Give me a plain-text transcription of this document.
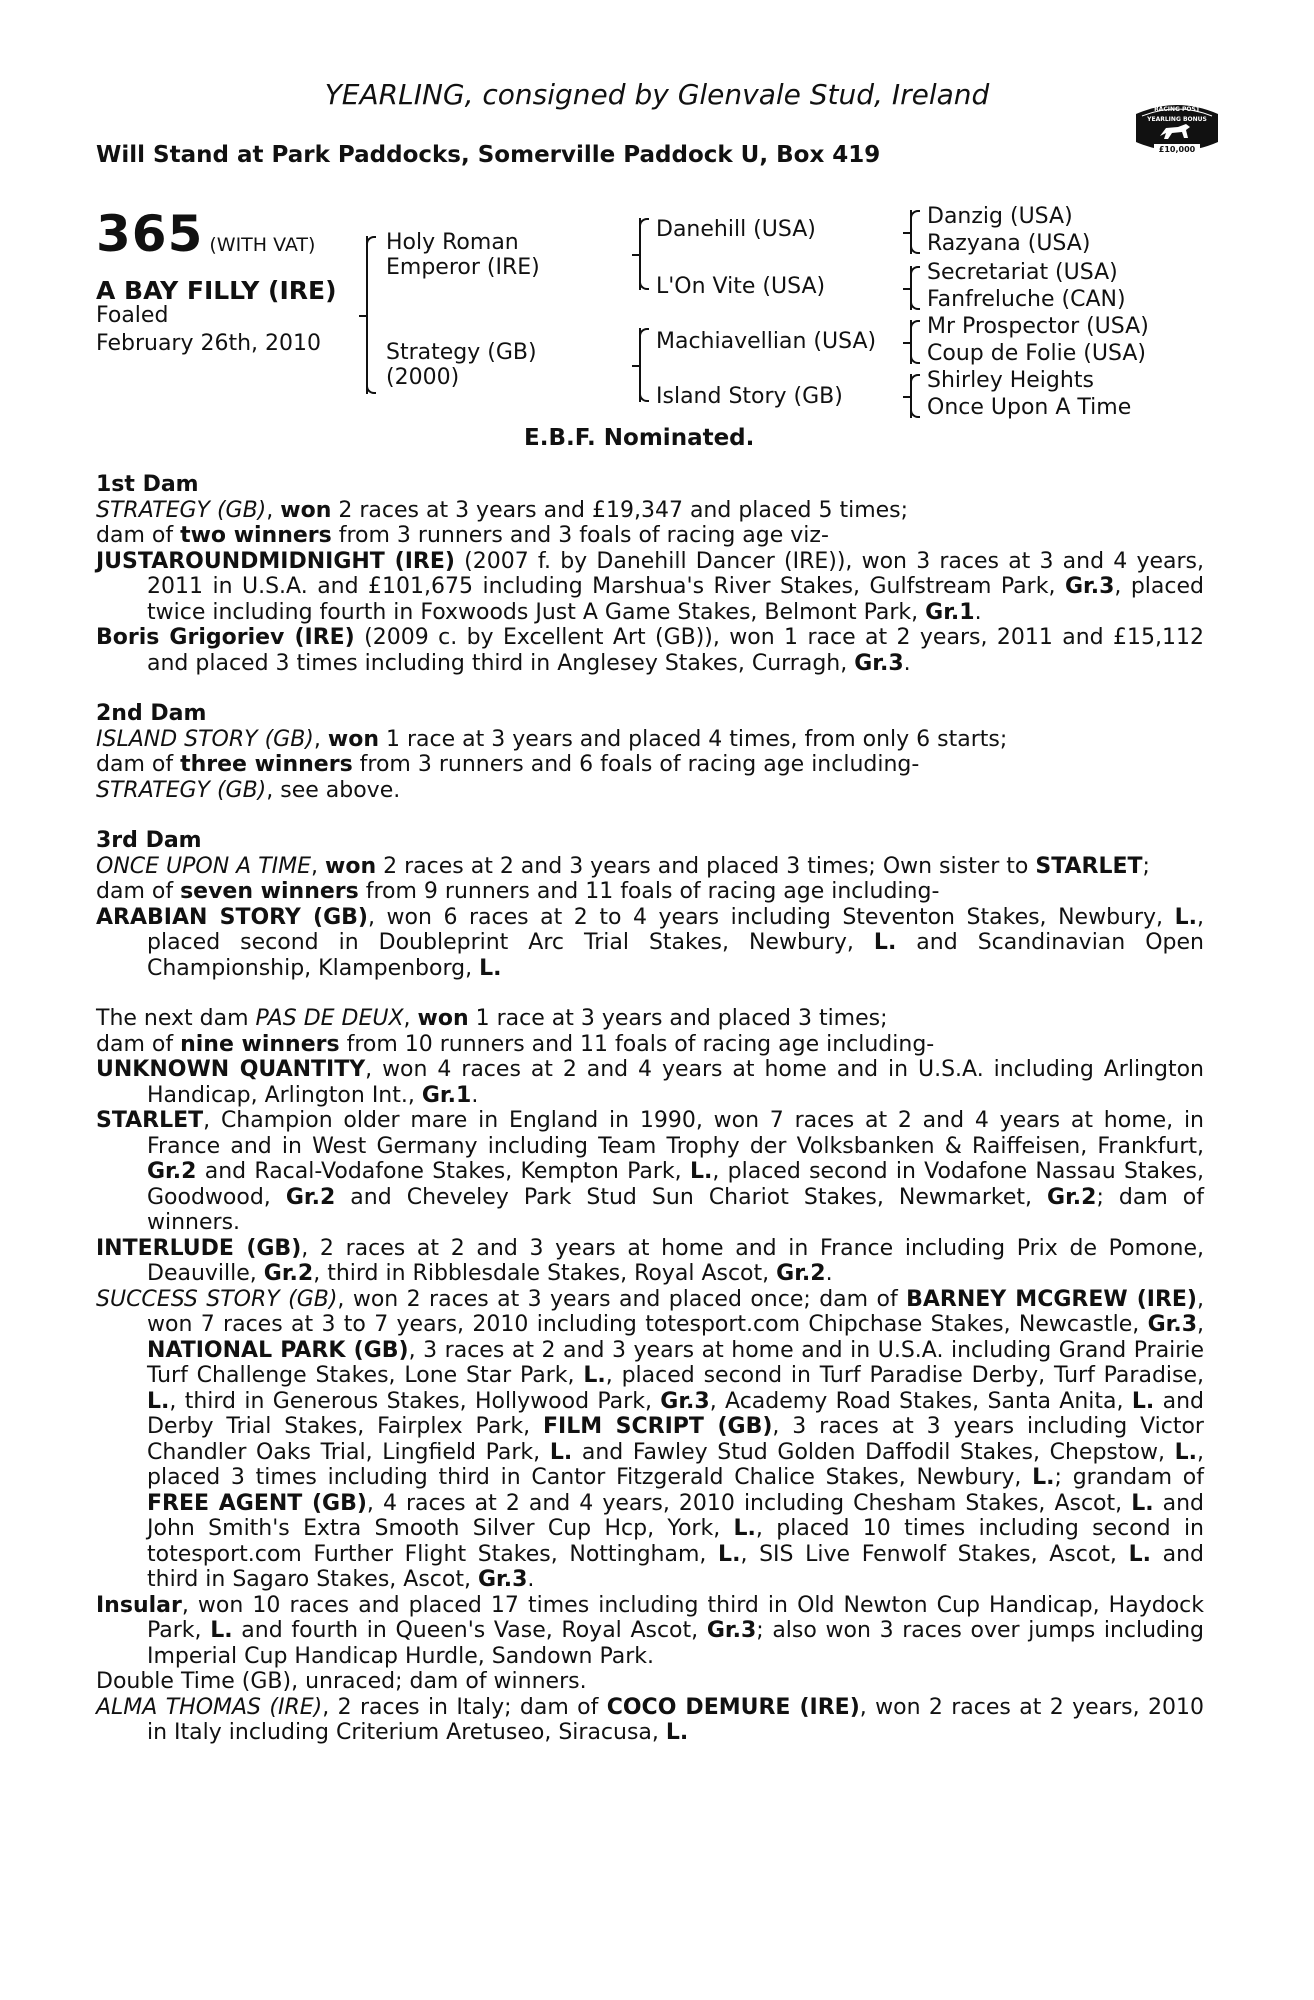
YEARLING, consigned by Glenvale Stud, Ireland
Will Stand at Park Paddocks, Somerville Paddock U, Box 419
RACING POST
YEARLING BONUS
£10,000
365 (WITH VAT)
A BAY FILLY (IRE)
Foaled
February 26th, 2010
Holy Roman
Emperor (IRE)
Strategy (GB)
(2000)
Danehill (USA)
L'On Vite (USA)
Machiavellian (USA)
Island Story (GB)
Danzig (USA)
Razyana (USA)
Secretariat (USA)
Fanfreluche (CAN)
Mr Prospector (USA)
Coup de Folie (USA)
Shirley Heights
Once Upon A Time
E.B.F. Nominated.

1st Dam

STRATEGY (GB), won 2 races at 3 years and £19,347 and placed 5 times;

dam of two winners from 3 runners and 3 foals of racing age viz-

JUSTAROUNDMIDNIGHT (IRE) (2007 f. by Danehill Dancer (IRE)), won 3 races at 3 and 4 years, 2011 in U.S.A. and £101,675 including Marshua's River Stakes, Gulfstream Park, Gr.3, placed twice including fourth in Foxwoods Just A Game Stakes, Belmont Park, Gr.1.

Boris Grigoriev (IRE) (2009 c. by Excellent Art (GB)), won 1 race at 2 years, 2011 and £15,112 and placed 3 times including third in Anglesey Stakes, Curragh, Gr.3.

2nd Dam

ISLAND STORY (GB), won 1 race at 3 years and placed 4 times, from only 6 starts;

dam of three winners from 3 runners and 6 foals of racing age including-

STRATEGY (GB), see above.

3rd Dam

ONCE UPON A TIME, won 2 races at 2 and 3 years and placed 3 times; Own sister to STARLET;

dam of seven winners from 9 runners and 11 foals of racing age including-

ARABIAN STORY (GB), won 6 races at 2 to 4 years including Steventon Stakes, Newbury, L., placed second in Doubleprint Arc Trial Stakes, Newbury, L. and Scandinavian Open Championship, Klampenborg, L.

The next dam PAS DE DEUX, won 1 race at 3 years and placed 3 times;

dam of nine winners from 10 runners and 11 foals of racing age including-

UNKNOWN QUANTITY, won 4 races at 2 and 4 years at home and in U.S.A. including Arlington Handicap, Arlington Int., Gr.1.

STARLET, Champion older mare in England in 1990, won 7 races at 2 and 4 years at home, in France and in West Germany including Team Trophy der Volksbanken & Raiffeisen, Frankfurt, Gr.2 and Racal-Vodafone Stakes, Kempton Park, L., placed second in Vodafone Nassau Stakes, Goodwood, Gr.2 and Cheveley Park Stud Sun Chariot Stakes, Newmarket, Gr.2; dam of winners.

INTERLUDE (GB), 2 races at 2 and 3 years at home and in France including Prix de Pomone, Deauville, Gr.2, third in Ribblesdale Stakes, Royal Ascot, Gr.2.

SUCCESS STORY (GB), won 2 races at 3 years and placed once; dam of BARNEY MCGREW (IRE), won 7 races at 3 to 7 years, 2010 including totesport.com Chipchase Stakes, Newcastle, Gr.3, NATIONAL PARK (GB), 3 races at 2 and 3 years at home and in U.S.A. including Grand Prairie Turf Challenge Stakes, Lone Star Park, L., placed second in Turf Paradise Derby, Turf Paradise, L., third in Generous Stakes, Hollywood Park, Gr.3, Academy Road Stakes, Santa Anita, L. and Derby Trial Stakes, Fairplex Park, FILM SCRIPT (GB), 3 races at 3 years including Victor Chandler Oaks Trial, Lingfield Park, L. and Fawley Stud Golden Daffodil Stakes, Chepstow, L., placed 3 times including third in Cantor Fitzgerald Chalice Stakes, Newbury, L.; grandam of FREE AGENT (GB), 4 races at 2 and 4 years, 2010 including Chesham Stakes, Ascot, L. and John Smith's Extra Smooth Silver Cup Hcp, York, L., placed 10 times including second in totesport.com Further Flight Stakes, Nottingham, L., SIS Live Fenwolf Stakes, Ascot, L. and third in Sagaro Stakes, Ascot, Gr.3.

Insular, won 10 races and placed 17 times including third in Old Newton Cup Handicap, Haydock Park, L. and fourth in Queen's Vase, Royal Ascot, Gr.3; also won 3 races over jumps including Imperial Cup Handicap Hurdle, Sandown Park.

Double Time (GB), unraced; dam of winners.

ALMA THOMAS (IRE), 2 races in Italy; dam of COCO DEMURE (IRE), won 2 races at 2 years, 2010 in Italy including Criterium Aretuseo, Siracusa, L.
